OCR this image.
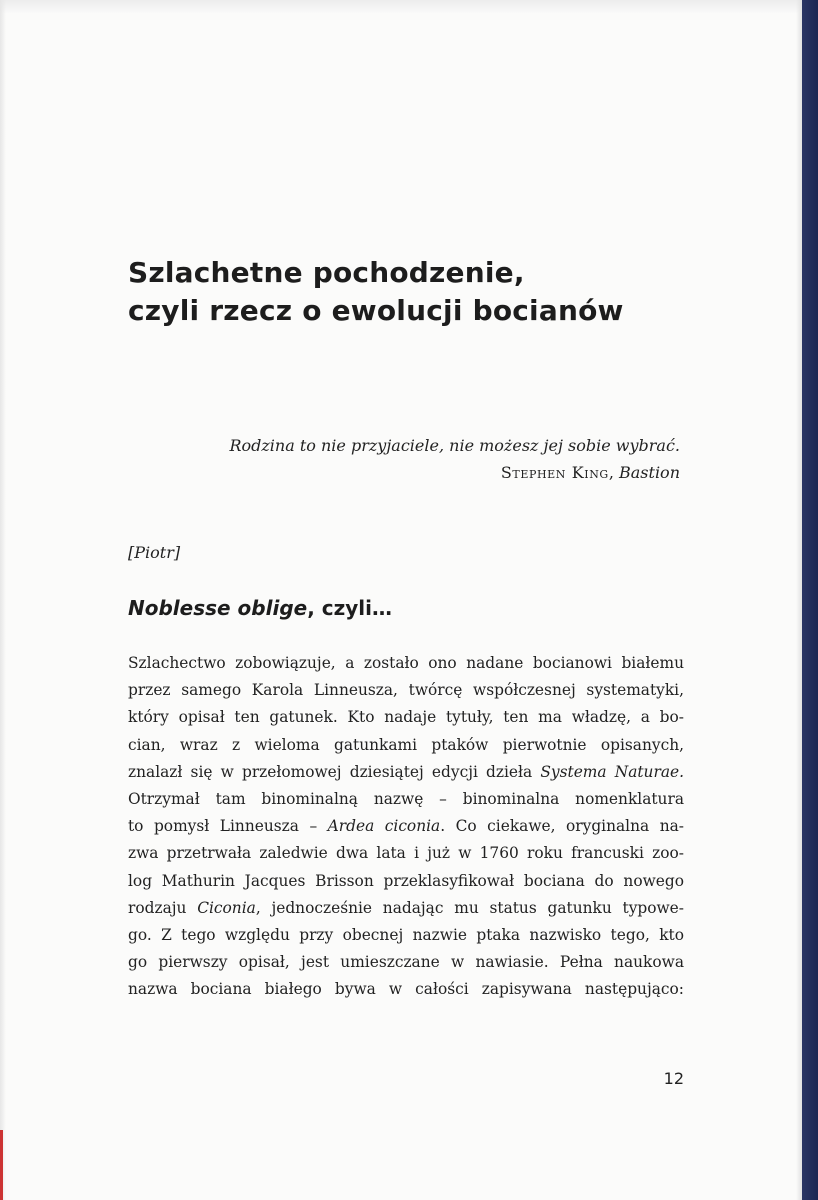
Szlachetne pochodzenie,
czyli rzecz o ewolucji bocianów
Rodzina to nie przyjaciele, nie możesz jej sobie wybrać.
Stephen King, Bastion
[Piotr]
Noblesse oblige, czyli…
Szlachectwo zobowiązuje, a zostało ono nadane bocianowi białemu
przez samego Karola Linneusza, twórcę współczesnej systematyki,
który opisał ten gatunek. Kto nadaje tytuły, ten ma władzę, a bo-
cian, wraz z wieloma gatunkami ptaków pierwotnie opisanych,
znalazł się w przełomowej dziesiątej edycji dzieła Systema Naturae.
Otrzymał tam binominalną nazwę – binominalna nomenklatura
to pomysł Linneusza – Ardea ciconia. Co ciekawe, oryginalna na-
zwa przetrwała zaledwie dwa lata i już w 1760 roku francuski zoo-
log Mathurin Jacques Brisson przeklasyfikował bociana do nowego
rodzaju Ciconia, jednocześnie nadając mu status gatunku typowe-
go. Z tego względu przy obecnej nazwie ptaka nazwisko tego, kto
go pierwszy opisał, jest umieszczane w nawiasie. Pełna naukowa
nazwa bociana białego bywa w całości zapisywana następująco:
12
